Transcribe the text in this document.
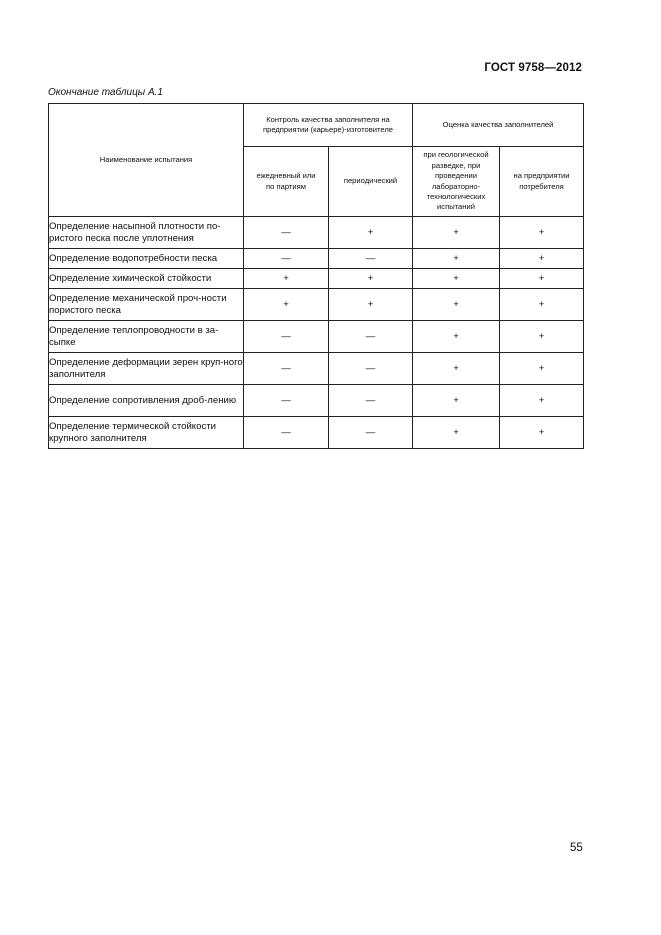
ГОСТ 9758—2012
Окончание таблицы А.1
Наименование испытания	Контроль качества заполнителя на предприятии (карьере)-изготовителе		Оценка качества заполнителей	
	ежедневный или по партиям	периодический	при геологической разведке, при проведении лабораторно-технологических испытаний	на предприятии потребителя
Определение насыпной плотности по-ристого песка после уплотнения	—	+	+	+
Определение водопотребности песка	—	—	+	+
Определение химической стойкости	+	+	+	+
Определение механической проч-ности пористого песка	+	+	+	+
Определение теплопроводности в за-сыпке	—	—	+	+
Определение деформации зерен круп-ного заполнителя	—	—	+	+
Определение сопротивления дроб-лению	—	—	+	+
Определение термической стойкости крупного заполнителя	—	—	+	+
55
